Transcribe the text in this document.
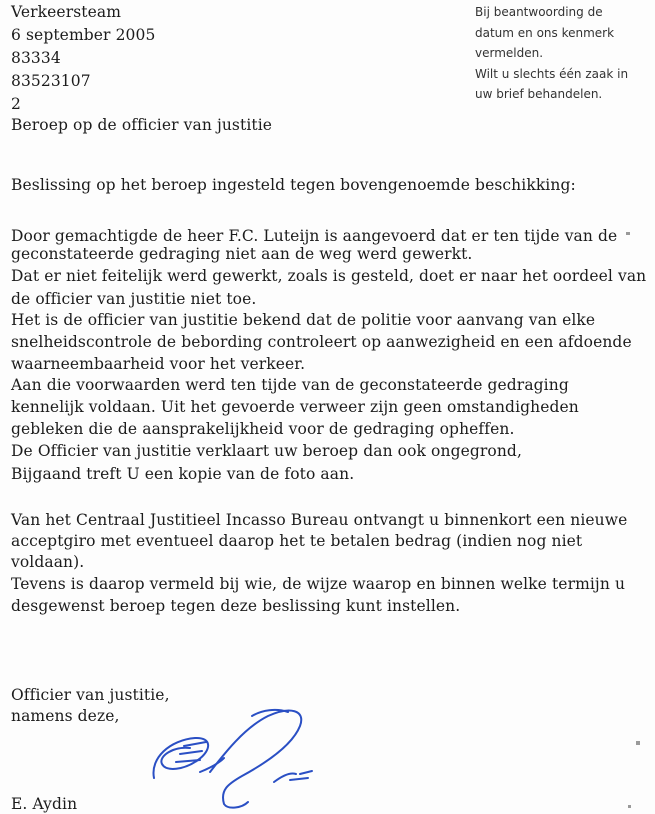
Verkeersteam
6 september 2005
83334
83523107
2
Beroep op de officier van justitie
Bij beantwoording de
datum en ons kenmerk
vermelden.
Wilt u slechts één zaak in
uw brief behandelen.
Beslissing op het beroep ingesteld tegen bovengenoemde beschikking:
Door gemachtigde de heer F.C. Luteijn is aangevoerd dat er ten tijde van de
geconstateerde gedraging niet aan de weg werd gewerkt.
Dat er niet feitelijk werd gewerkt, zoals is gesteld, doet er naar het oordeel van
de officier van justitie niet toe.
Het is de officier van justitie bekend dat de politie voor aanvang van elke
snelheidscontrole de bebording controleert op aanwezigheid en een afdoende
waarneembaarheid voor het verkeer.
Aan die voorwaarden werd ten tijde van de geconstateerde gedraging
kennelijk voldaan. Uit het gevoerde verweer zijn geen omstandigheden
gebleken die de aansprakelijkheid voor de gedraging opheffen.
De Officier van justitie verklaart uw beroep dan ook ongegrond,
Bijgaand treft U een kopie van de foto aan.
Van het Centraal Justitieel Incasso Bureau ontvangt u binnenkort een nieuwe
acceptgiro met eventueel daarop het te betalen bedrag (indien nog niet
voldaan).
Tevens is daarop vermeld bij wie, de wijze waarop en binnen welke termijn u
desgewenst beroep tegen deze beslissing kunt instellen.
Officier van justitie,
namens deze,
E. Aydin
